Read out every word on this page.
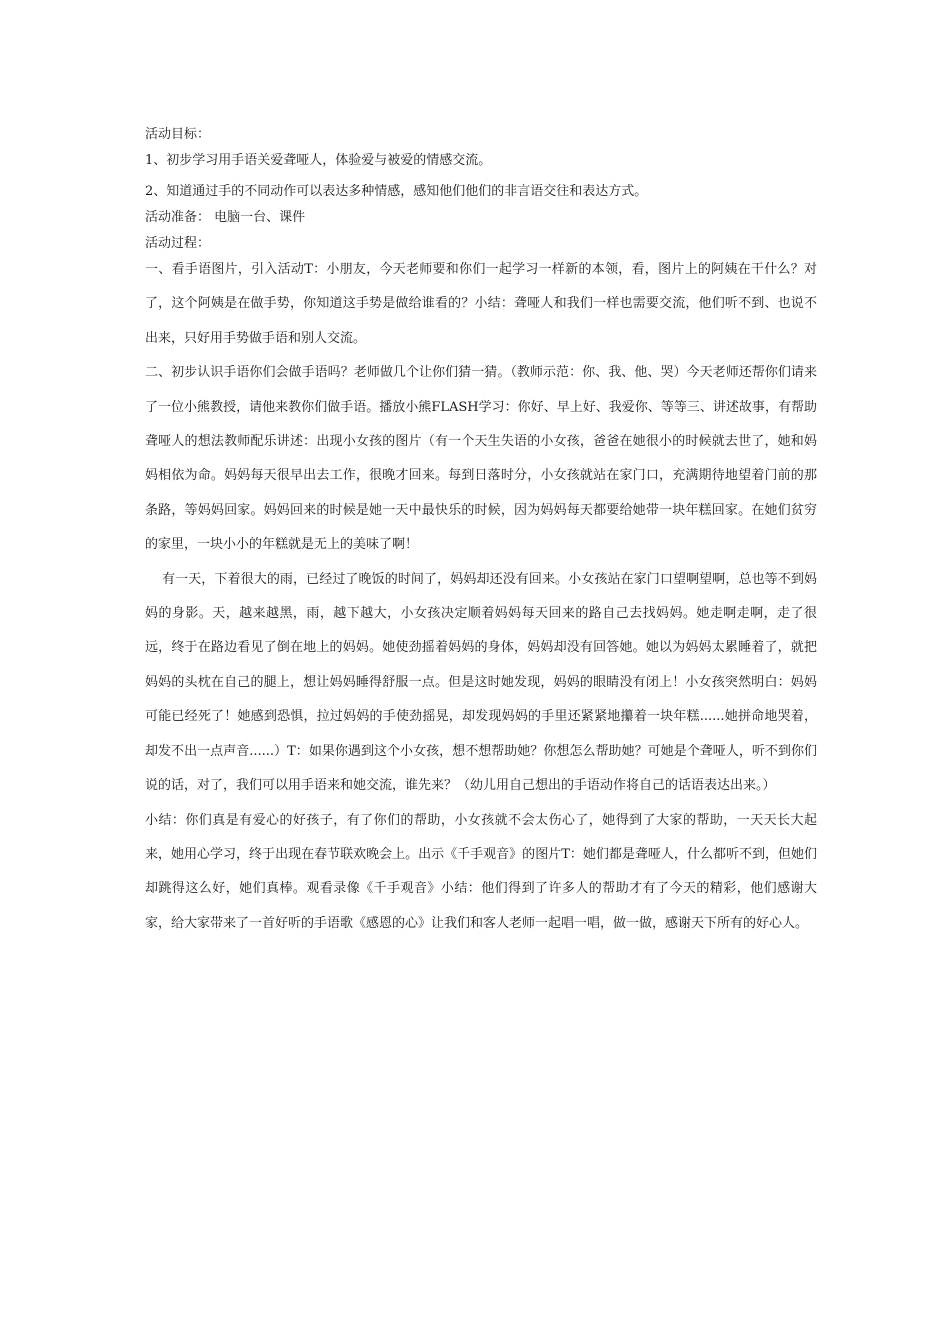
活动目标：

1、初步学习用手语关爱聋哑人，体验爱与被爱的情感交流。

2、知道通过手的不同动作可以表达多种情感，感知他们他们的非言语交往和表达方式。

活动准备： 电脑一台、课件

活动过程：

一、看手语图片，引入活动T：小朋友，今天老师要和你们一起学习一样新的本领，看，图片上的阿姨在干什么？对了，这个阿姨是在做手势，你知道这手势是做给谁看的？小结：聋哑人和我们一样也需要交流，他们听不到、也说不出来，只好用手势做手语和别人交流。

二、初步认识手语你们会做手语吗？老师做几个让你们猜一猜。（教师示范：你、我、他、哭）今天老师还帮你们请来了一位小熊教授，请他来教你们做手语。播放小熊FLASH学习：你好、早上好、我爱你、等等三、讲述故事，有帮助聋哑人的想法教师配乐讲述：出现小女孩的图片（有一个天生失语的小女孩，爸爸在她很小的时候就去世了，她和妈妈相依为命。妈妈每天很早出去工作，很晚才回来。每到日落时分，小女孩就站在家门口，充满期待地望着门前的那条路，等妈妈回家。妈妈回来的时候是她一天中最快乐的时候，因为妈妈每天都要给她带一块年糕回家。在她们贫穷的家里，一块小小的年糕就是无上的美味了啊！

有一天，下着很大的雨，已经过了晚饭的时间了，妈妈却还没有回来。小女孩站在家门口望啊望啊，总也等不到妈妈的身影。天，越来越黑，雨，越下越大，小女孩决定顺着妈妈每天回来的路自己去找妈妈。她走啊走啊，走了很远，终于在路边看见了倒在地上的妈妈。她使劲摇着妈妈的身体，妈妈却没有回答她。她以为妈妈太累睡着了，就把妈妈的头枕在自己的腿上，想让妈妈睡得舒服一点。但是这时她发现，妈妈的眼睛没有闭上！小女孩突然明白：妈妈可能已经死了！她感到恐惧，拉过妈妈的手使劲摇晃，却发现妈妈的手里还紧紧地攥着一块年糕......她拼命地哭着，却发不出一点声音......）T：如果你遇到这个小女孩，想不想帮助她？你想怎么帮助她？可她是个聋哑人，听不到你们说的话，对了，我们可以用手语来和她交流，谁先来？（幼儿用自己想出的手语动作将自己的话语表达出来。）

小结：你们真是有爱心的好孩子，有了你们的帮助，小女孩就不会太伤心了，她得到了大家的帮助，一天天长大起来，她用心学习，终于出现在春节联欢晚会上。出示《千手观音》的图片T：她们都是聋哑人，什么都听不到，但她们却跳得这么好，她们真棒。观看录像《千手观音》小结：他们得到了许多人的帮助才有了今天的精彩，他们感谢大家，给大家带来了一首好听的手语歌《感恩的心》让我们和客人老师一起唱一唱，做一做，感谢天下所有的好心人。
